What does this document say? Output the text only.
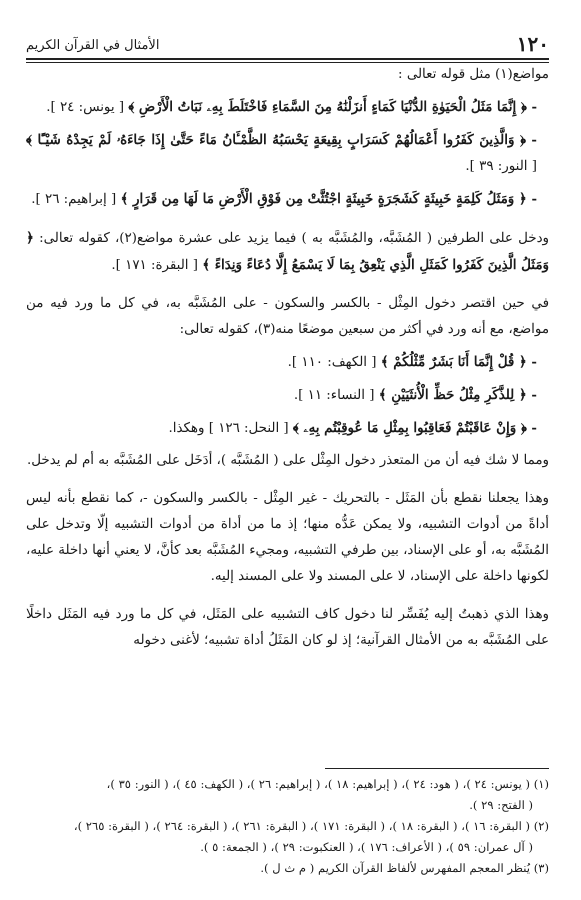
١٢٠
الأمثال في القرآن الكريم

مواضع(١) مثل قوله تعالى :

- ﴿ إِنَّمَا مَثَلُ الْحَيَوٰةِ الدُّنْيَا كَمَاءٍ أَنزَلْنَٰهُ مِنَ السَّمَاءِ فَاخْتَلَطَ بِهِۦ نَبَاتُ الْأَرْضِ ﴾ [ يونس: ٢٤ ].

- ﴿ وَالَّذِينَ كَفَرُوا أَعْمَالُهُمْ كَسَرَابٍ بِقِيعَةٍ يَحْسَبُهُ الظَّمْـَٔانُ مَاءً حَتَّىٰ إِذَا جَاءَهُۥ لَمْ يَجِدْهُ شَيْـًٔا ﴾ [ النور: ٣٩ ].

- ﴿ وَمَثَلُ كَلِمَةٍ خَبِيثَةٍ كَشَجَرَةٍ خَبِيثَةٍ اجْتُثَّتْ مِن فَوْقِ الْأَرْضِ مَا لَهَا مِن قَرَارٍ ﴾ [ إبراهيم: ٢٦ ].

ودخل على الطرفين ( المُشَبَّه، والمُشَبَّه به ) فيما يزيد على عشرة مواضع(٢)، كقوله تعالى: ﴿ وَمَثَلُ الَّذِينَ كَفَرُوا كَمَثَلِ الَّذِي يَنْعِقُ بِمَا لَا يَسْمَعُ إِلَّا دُعَاءً وَنِدَاءً ﴾ [ البقرة: ١٧١ ].

في حين اقتصر دخول المِثْل - بالكسر والسكون - على المُشَبَّه به، في كل ما ورد فيه من مواضع، مع أنه ورد في أكثر من سبعين موضعًا منه(٣)، كقوله تعالى:

- ﴿ قُلْ إِنَّمَا أَنَا بَشَرٌ مِّثْلُكُمْ ﴾ [ الكهف: ١١٠ ].

- ﴿ لِلذَّكَرِ مِثْلُ حَظِّ الْأُنثَيَيْنِ ﴾ [ النساء: ١١ ].

- ﴿ وَإِنْ عَاقَبْتُمْ فَعَاقِبُوا بِمِثْلِ مَا عُوقِبْتُم بِهِۦ ﴾ [ النحل: ١٢٦ ] وهكذا.

ومما لا شك فيه أن من المتعذر دخول المِثْل على ( المُشَبَّه )، أدَخَل على المُشَبَّه به أم لم يدخل.

وهذا يجعلنا نقطع بأن المَثَل - بالتحريك - غير المِثْل - بالكسر والسكون -، كما نقطع بأنه ليس أداةً من أدوات التشبيه، ولا يمكن عَدُّه منها؛ إذ ما من أداة من أدوات التشبيه إلّا وتدخل على المُشَبَّه به، أو على الإسناد، بين طرفي التشبيه، ومجيء المُشَبَّه بعد كأنَّ، لا يعني أنها داخلة عليه، لكونها داخلة على الإسناد، لا على المسند ولا على المسند إليه.

وهذا الذي ذهبتُ إليه يُفَسِّر لنا دخول كاف التشبيه على المَثَل، في كل ما ورد فيه المَثَل داخلًا على المُشَبَّه به من الأمثال القرآنية؛ إذ لو كان المَثَلُ أداة تشبيه؛ لأغنى دخوله

(١) ( يونس: ٢٤ )، ( هود: ٢٤ )، ( إبراهيم: ١٨ )، ( إبراهيم: ٢٦ )، ( الكهف: ٤٥ )، ( النور: ٣٥ )،

( الفتح: ٢٩ ).

(٢) ( البقرة: ١٦ )، ( البقرة: ١٨ )، ( البقرة: ١٧١ )، ( البقرة: ٢٦١ )، ( البقرة: ٢٦٤ )، ( البقرة: ٢٦٥ )،

( آل عمران: ٥٩ )، ( الأعراف: ١٧٦ )، ( العنكبوت: ٢٩ )، ( الجمعة: ٥ ).

(٣) يُنظر المعجم المفهرس لألفاظ القرآن الكريم ( م ث ل ).
